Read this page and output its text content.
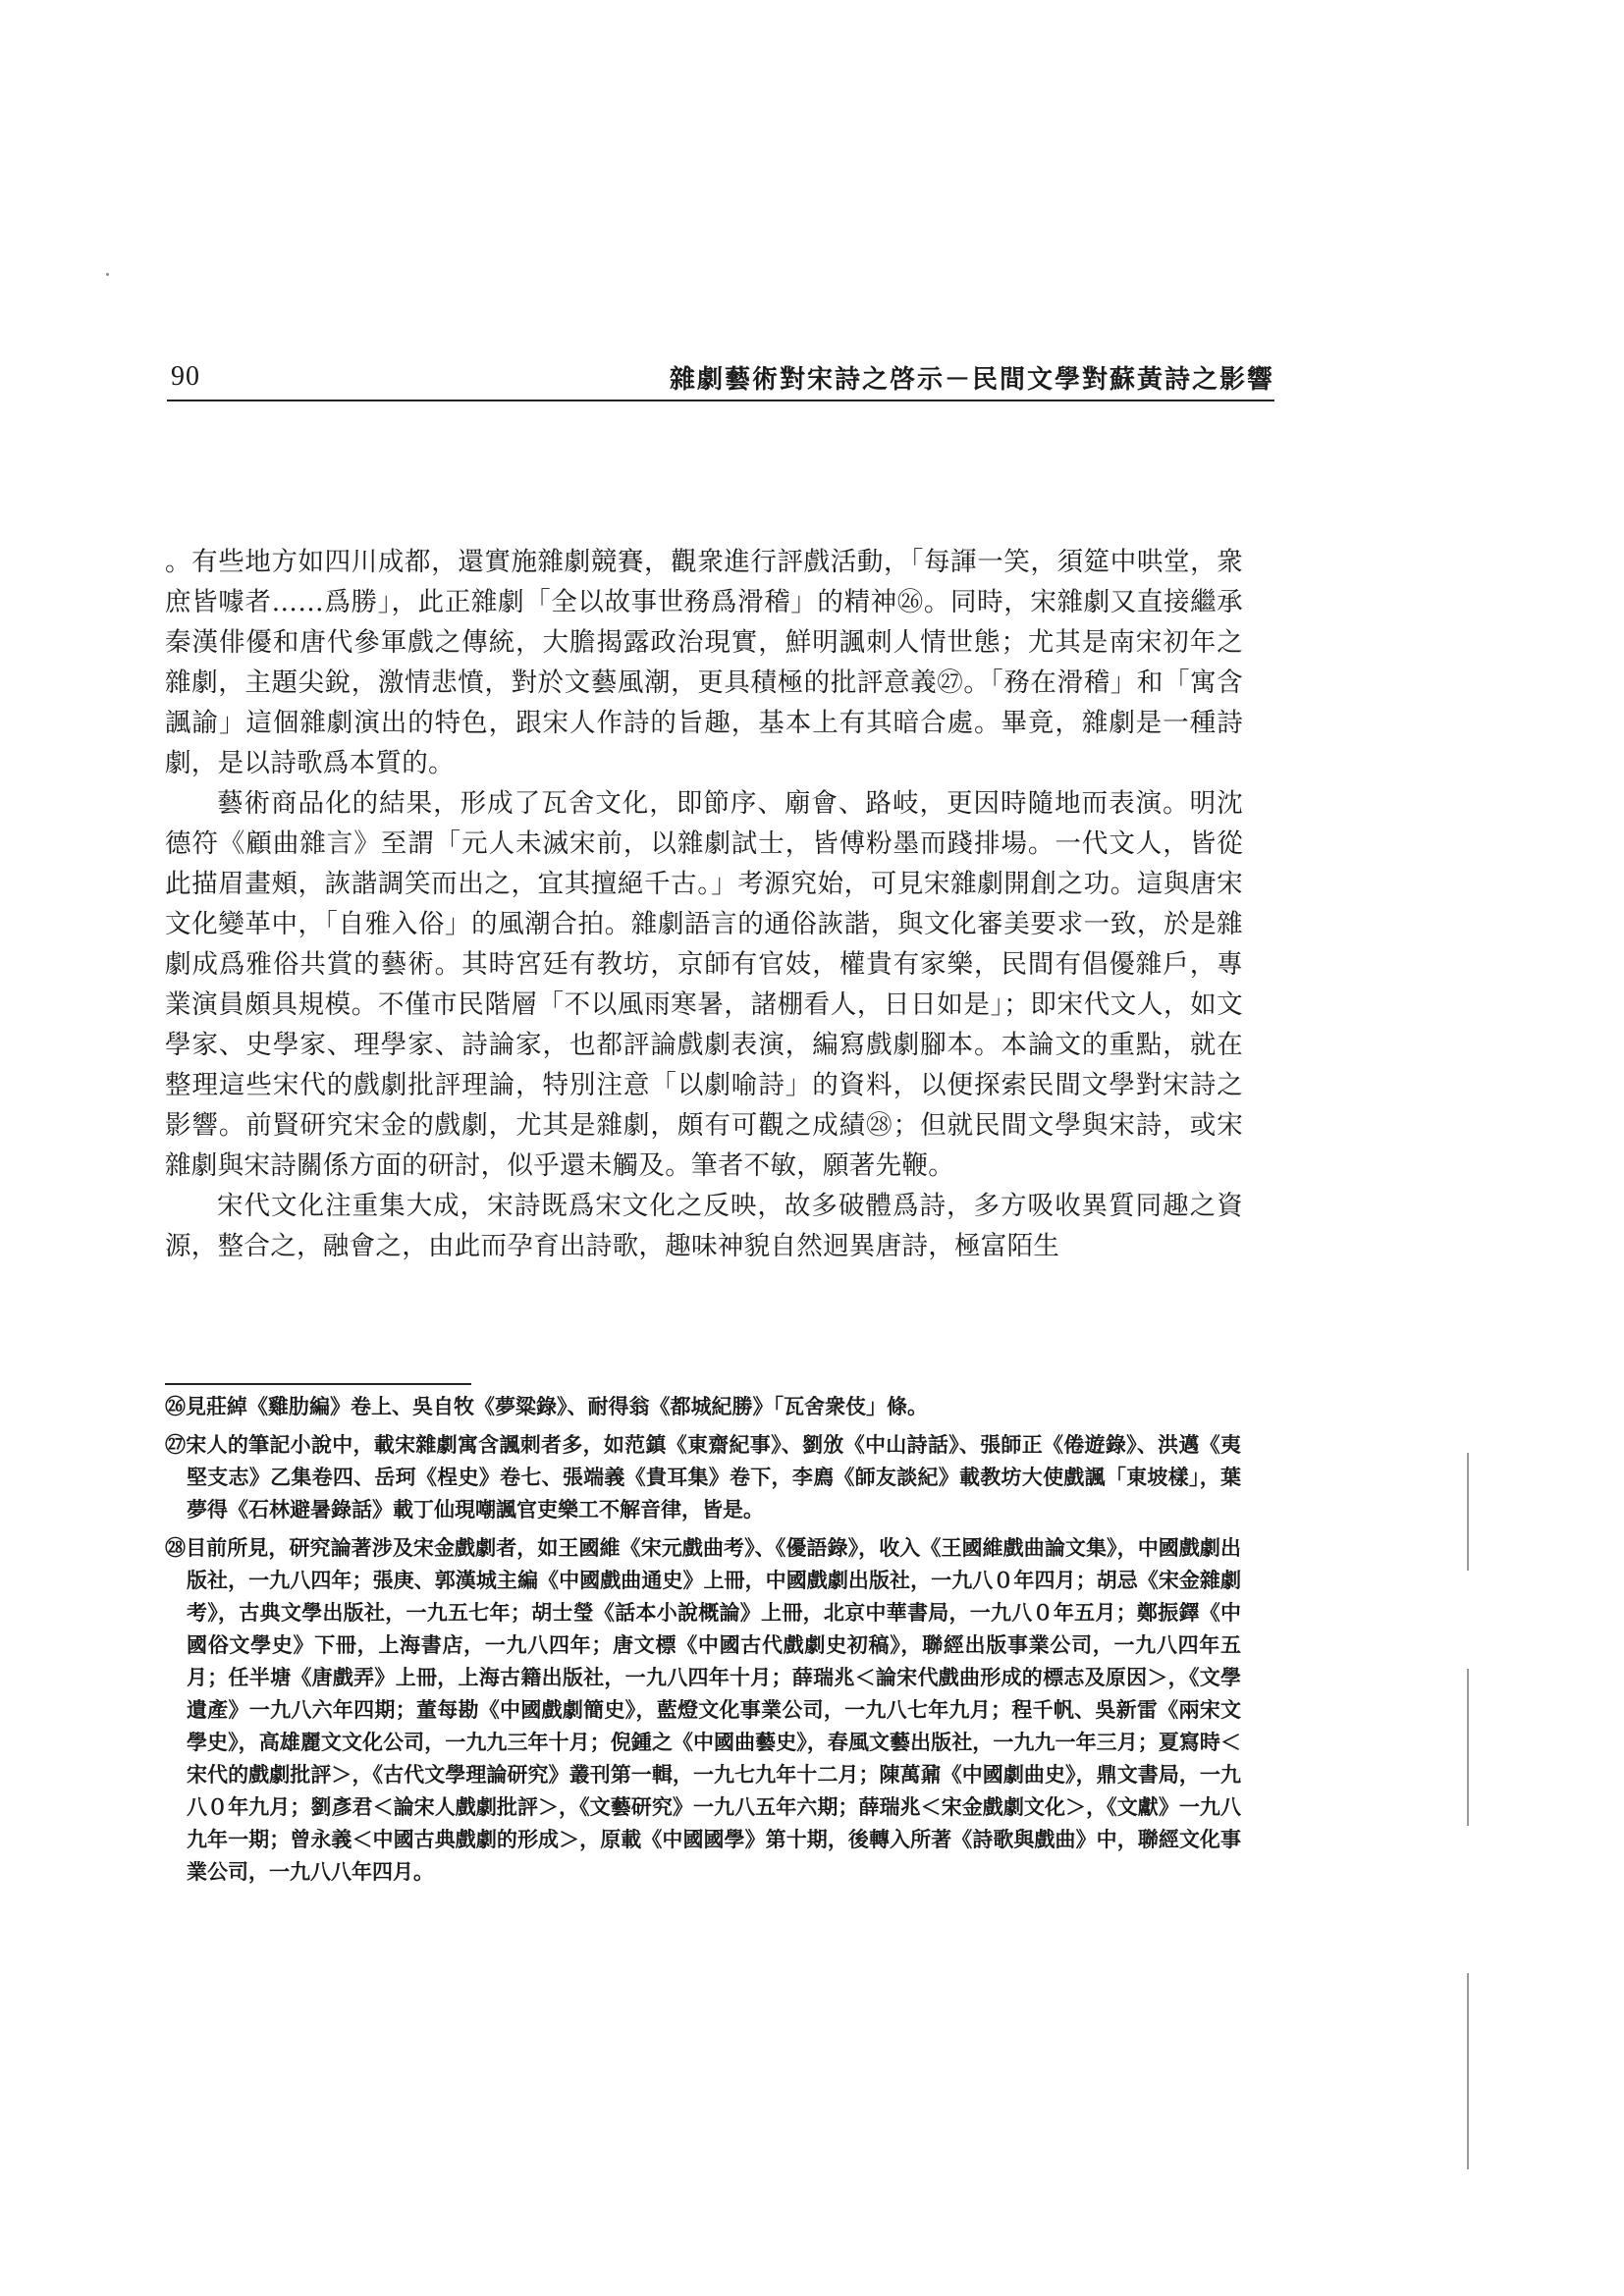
90	雜劇藝術對宋詩之啓示－民間文學對蘇黃詩之影響

。有些地方如四川成都，還實施雜劇競賽，觀衆進行評戲活動，「每諢一笑，須筵中哄堂，衆庶皆噱者……爲勝」，此正雜劇「全以故事世務爲滑稽」的精神㉖。同時，宋雜劇又直接繼承秦漢俳優和唐代參軍戲之傳統，大膽揭露政治現實，鮮明諷刺人情世態；尤其是南宋初年之雜劇，主題尖銳，激情悲憤，對於文藝風潮，更具積極的批評意義㉗。「務在滑稽」和「寓含諷諭」這個雜劇演出的特色，跟宋人作詩的旨趣，基本上有其暗合處。畢竟，雜劇是一種詩劇，是以詩歌爲本質的。

藝術商品化的結果，形成了瓦舍文化，即節序、廟會、路岐，更因時隨地而表演。明沈德符《顧曲雜言》至謂「元人未滅宋前，以雜劇試士，皆傅粉墨而踐排場。一代文人，皆從此描眉畫頰，詼諧調笑而出之，宜其擅絕千古。」考源究始，可見宋雜劇開創之功。這與唐宋文化變革中，「自雅入俗」的風潮合拍。雜劇語言的通俗詼諧，與文化審美要求一致，於是雜劇成爲雅俗共賞的藝術。其時宮廷有教坊，京師有官妓，權貴有家樂，民間有倡優雜戶，專業演員頗具規模。不僅市民階層「不以風雨寒暑，諸棚看人，日日如是」；即宋代文人，如文學家、史學家、理學家、詩論家，也都評論戲劇表演，編寫戲劇腳本。本論文的重點，就在整理這些宋代的戲劇批評理論，特別注意「以劇喻詩」的資料，以便探索民間文學對宋詩之影響。前賢研究宋金的戲劇，尤其是雜劇，頗有可觀之成績㉘；但就民間文學與宋詩，或宋雜劇與宋詩關係方面的研討，似乎還未觸及。筆者不敏，願著先鞭。

宋代文化注重集大成，宋詩既爲宋文化之反映，故多破體爲詩，多方吸收異質同趣之資源，整合之，融會之，由此而孕育出詩歌，趣味神貌自然迥異唐詩，極富陌生

㉖見莊綽《雞肋編》卷上、吳自牧《夢粱錄》、耐得翁《都城紀勝》「瓦舍衆伎」條。

㉗宋人的筆記小說中，載宋雜劇寓含諷刺者多，如范鎮《東齋紀事》、劉攽《中山詩話》、張師正《倦遊錄》、洪邁《夷堅支志》乙集卷四、岳珂《桯史》卷七、張端義《貴耳集》卷下，李廌《師友談紀》載教坊大使戲諷「東坡樣」，葉夢得《石林避暑錄話》載丁仙現嘲諷官吏樂工不解音律，皆是。

㉘目前所見，研究論著涉及宋金戲劇者，如王國維《宋元戲曲考》、《優語錄》，收入《王國維戲曲論文集》，中國戲劇出版社，一九八四年；張庚、郭漢城主編《中國戲曲通史》上冊，中國戲劇出版社，一九八０年四月；胡忌《宋金雜劇考》，古典文學出版社，一九五七年；胡士瑩《話本小說概論》上冊，北京中華書局，一九八０年五月；鄭振鐸《中國俗文學史》下冊，上海書店，一九八四年；唐文標《中國古代戲劇史初稿》，聯經出版事業公司，一九八四年五月；任半塘《唐戲弄》上冊，上海古籍出版社，一九八四年十月；薛瑞兆＜論宋代戲曲形成的標志及原因＞，《文學遺產》一九八六年四期；董每勘《中國戲劇簡史》，藍燈文化事業公司，一九八七年九月；程千帆、吳新雷《兩宋文學史》，高雄麗文文化公司，一九九三年十月；倪鍾之《中國曲藝史》，春風文藝出版社，一九九一年三月；夏寫時＜宋代的戲劇批評＞，《古代文學理論研究》叢刊第一輯，一九七九年十二月；陳萬鼐《中國劇曲史》，鼎文書局，一九八０年九月；劉彥君＜論宋人戲劇批評＞，《文藝研究》一九八五年六期；薛瑞兆＜宋金戲劇文化＞，《文獻》一九八九年一期；曾永義＜中國古典戲劇的形成＞，原載《中國國學》第十期，後轉入所著《詩歌與戲曲》中，聯經文化事業公司，一九八八年四月。
